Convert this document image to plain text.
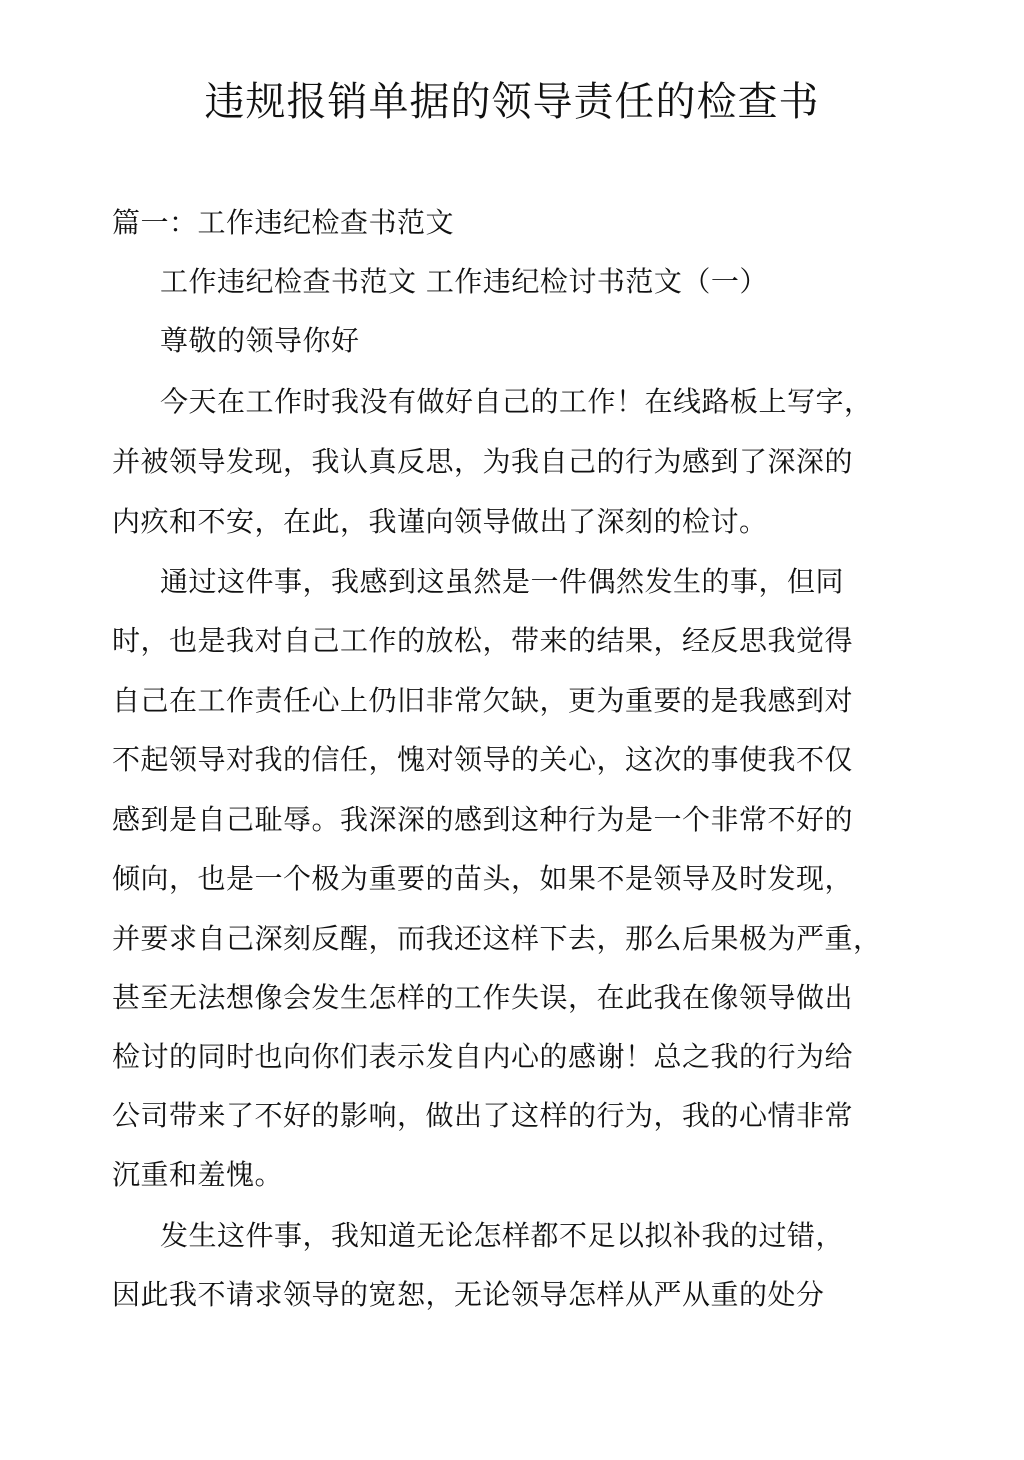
违规报销单据的领导责任的检查书
篇一：工作违纪检查书范文
工作违纪检查书范文 工作违纪检讨书范文（一）
尊敬的领导你好
今天在工作时我没有做好自己的工作！在线路板上写字，
并被领导发现，我认真反思，为我自己的行为感到了深深的
内疚和不安，在此，我谨向领导做出了深刻的检讨。
通过这件事，我感到这虽然是一件偶然发生的事，但同
时，也是我对自己工作的放松，带来的结果，经反思我觉得
自己在工作责任心上仍旧非常欠缺，更为重要的是我感到对
不起领导对我的信任，愧对领导的关心，这次的事使我不仅
感到是自己耻辱。我深深的感到这种行为是一个非常不好的
倾向，也是一个极为重要的苗头，如果不是领导及时发现，
并要求自己深刻反醒，而我还这样下去，那么后果极为严重，
甚至无法想像会发生怎样的工作失误，在此我在像领导做出
检讨的同时也向你们表示发自内心的感谢！总之我的行为给
公司带来了不好的影响，做出了这样的行为，我的心情非常
沉重和羞愧。
发生这件事，我知道无论怎样都不足以拟补我的过错，
因此我不请求领导的宽恕，无论领导怎样从严从重的处分
